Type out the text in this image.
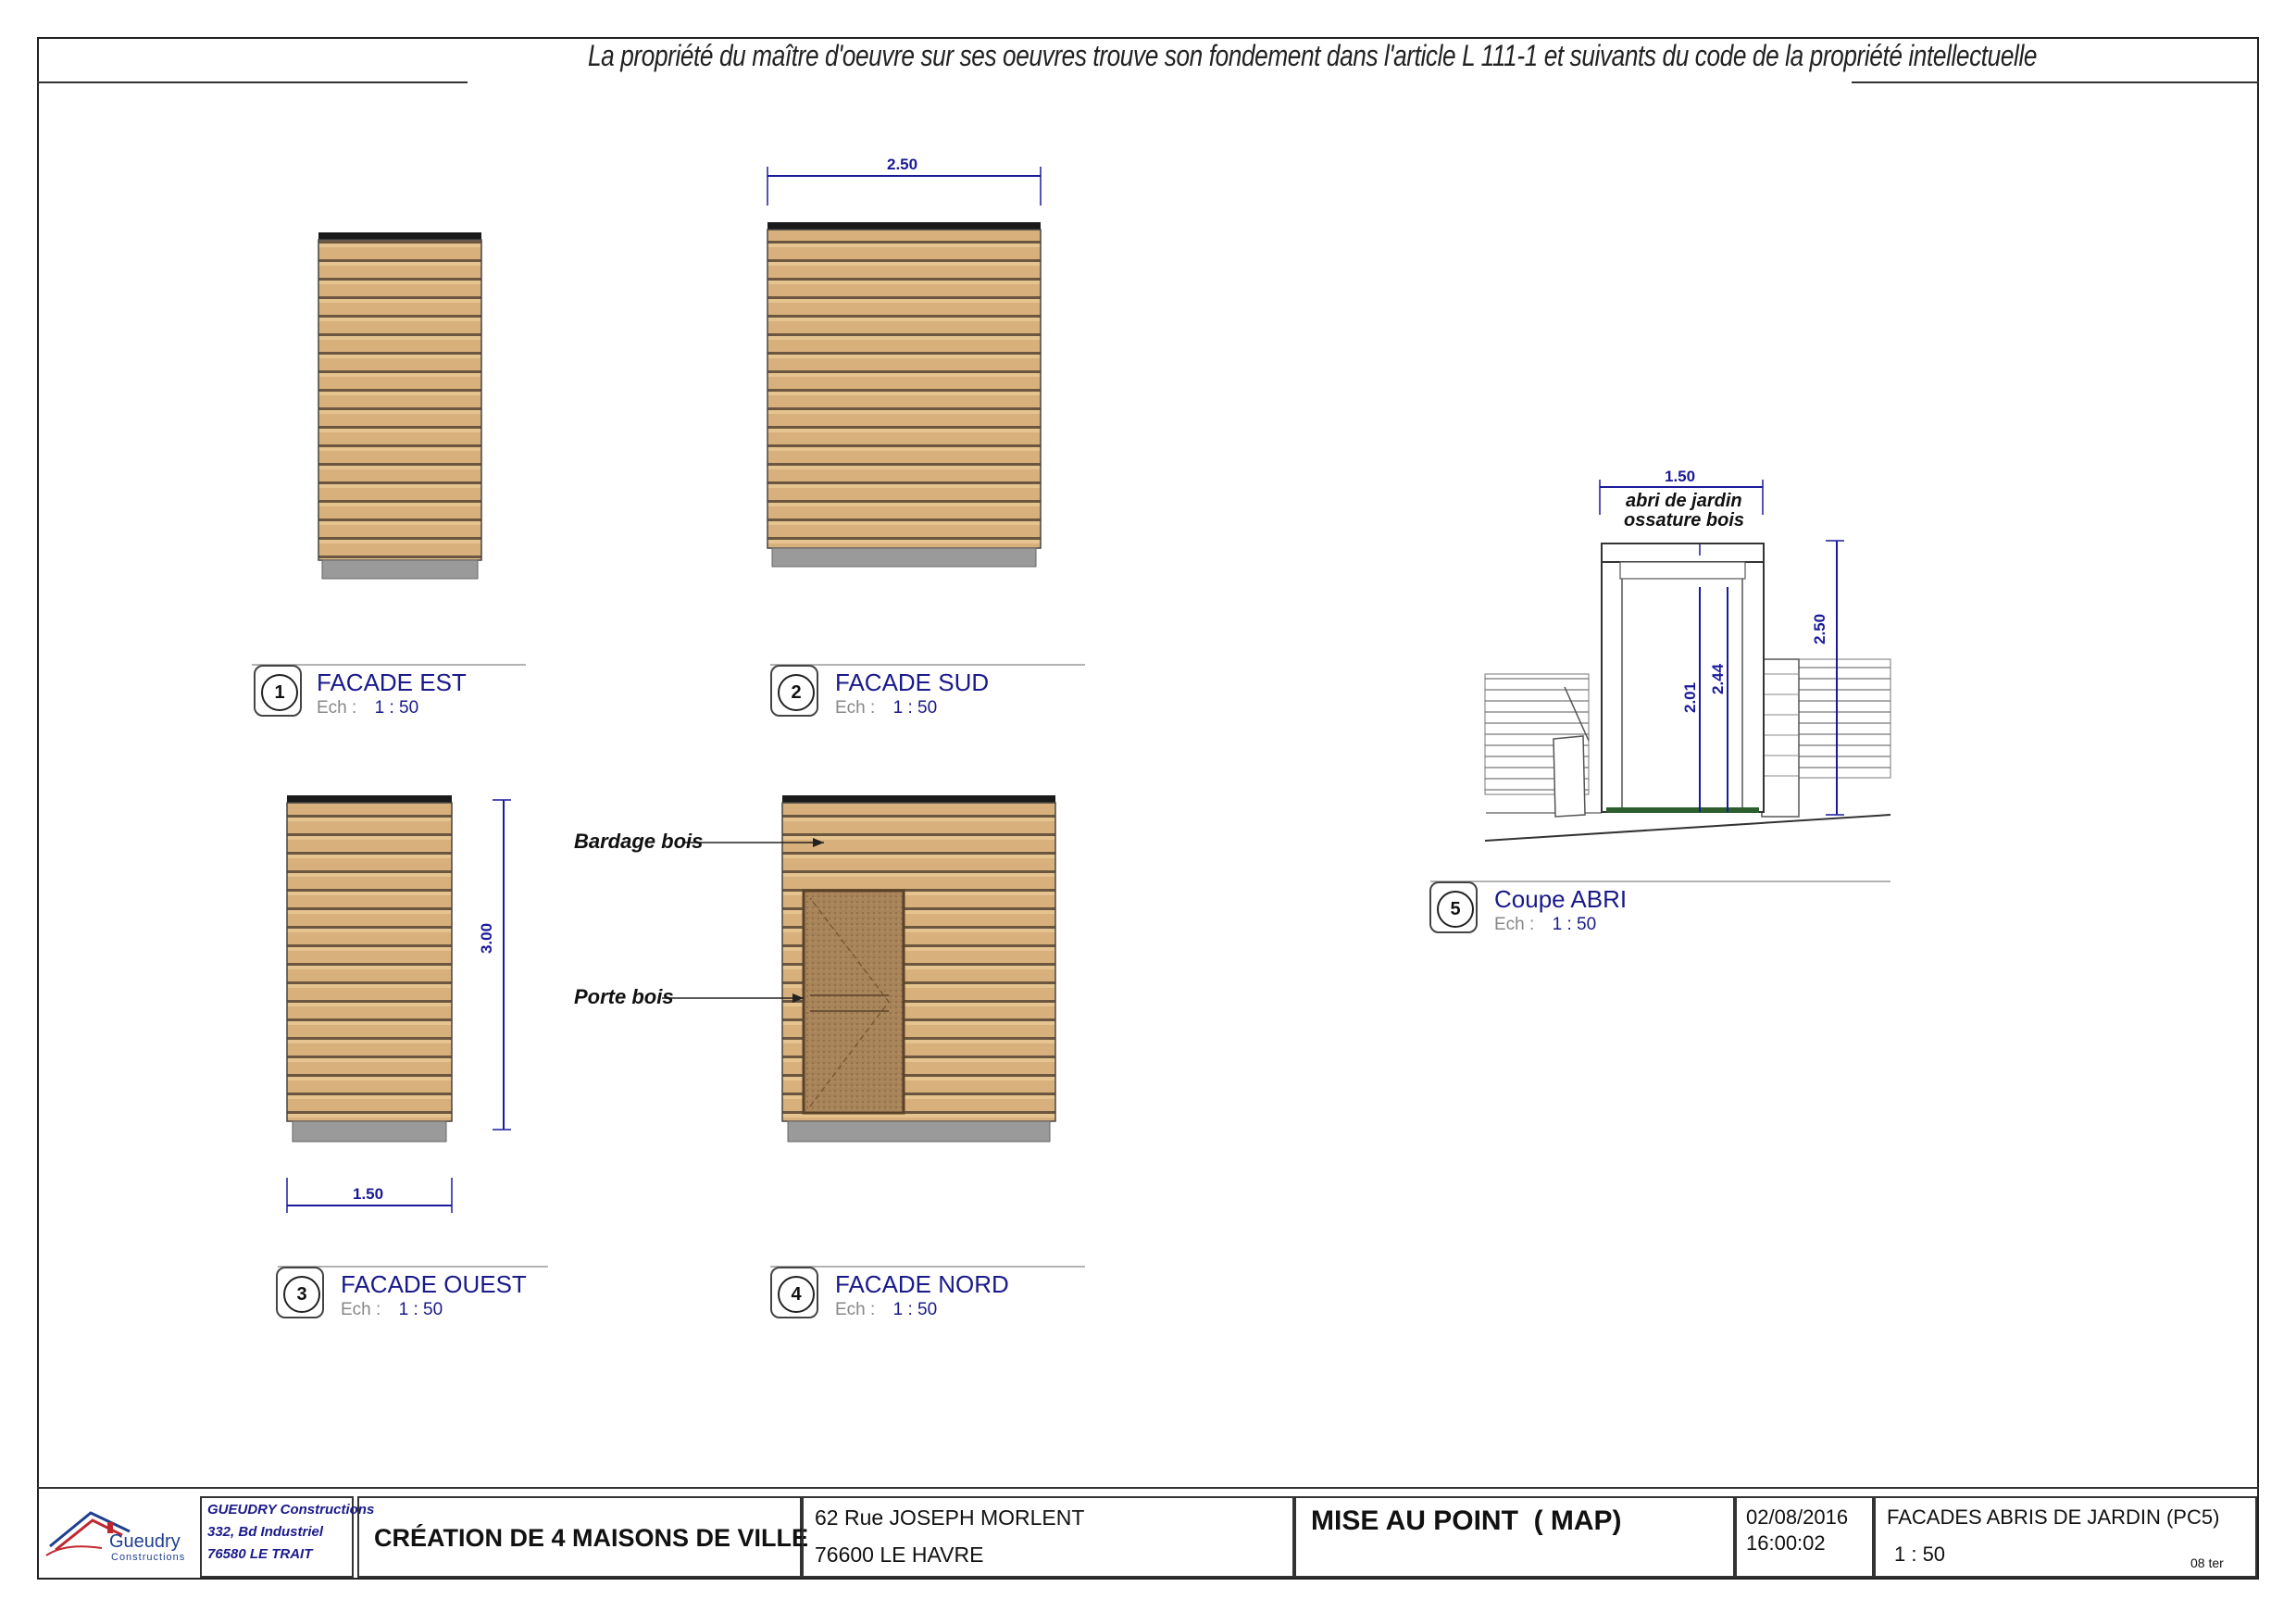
La propriété du maître d'oeuvre sur ses oeuvres trouve son fondement dans l'article L 111-1 et suivants du code de la propriété intellectuelle
2.50
3.00
1.50
1.50
2.01
2.44
2.50
Bardage bois
Porte bois
abri de jardin
ossature bois
1	FACADE EST
Ech : 1 : 50
2	FACADE SUD
Ech : 1 : 50
3	FACADE OUEST
Ech : 1 : 50
4	FACADE NORD
Ech : 1 : 50
5	Coupe ABRI
Ech : 1 : 50
Gueudry
Constructions
GUEUDRY Constructions
332, Bd Industriel
76580 LE TRAIT
CRÉATION DE 4 MAISONS DE VILLE
62 Rue JOSEPH MORLENT
76600 LE HAVRE
MISE AU POINT  ( MAP)	02/08/2016
16:00:02
FACADES ABRIS DE JARDIN (PC5)
1 : 50	08 ter
